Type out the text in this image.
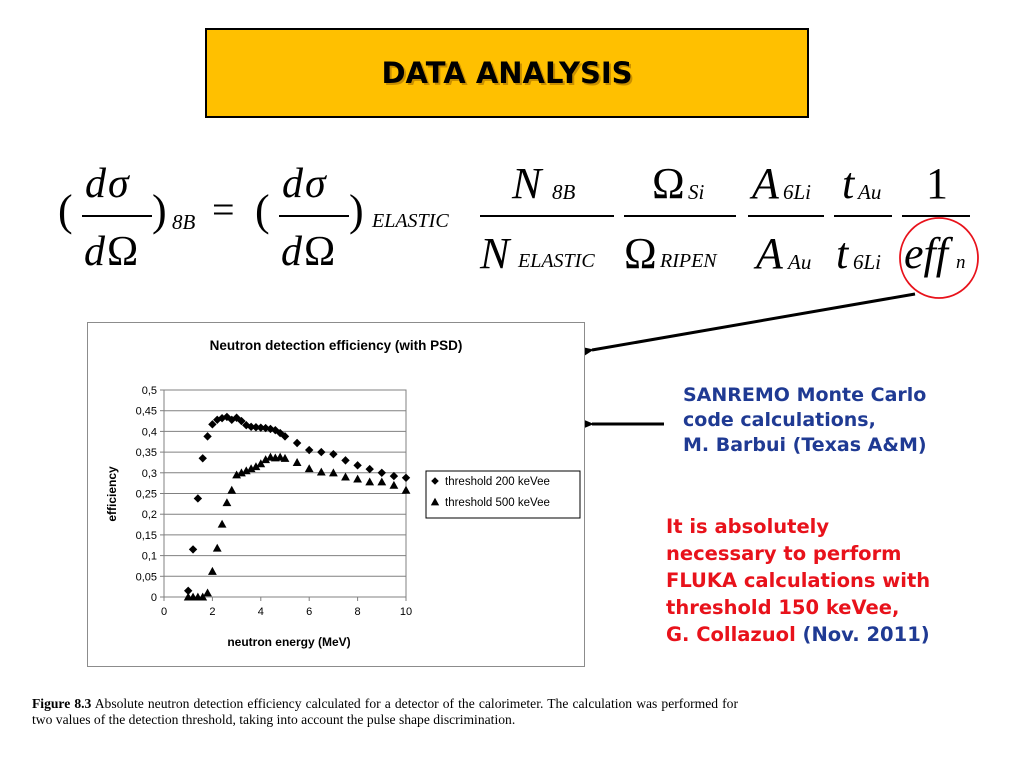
DATA ANALYSIS
(
d σ
d Ω
) 8B = (
d σ
d Ω
) ELASTIC
N 8B
N ELASTIC
Ω Si
Ω RIPEN
A 6Li
A Au
t Au
t 6Li
1
eff n
Neutron detection efficiency (with PSD)
0
0,05
0,1
0,15
0,2
0,25
0,3
0,35
0,4
0,45
0,5
0	2	4	6	8	10
neutron energy (MeV)
efficiency	threshold 200 keVee
threshold 500 keVee
SANREMO Monte Carlo
code calculations,
M. Barbui (Texas A&M)
It is absolutely
necessary to perform
FLUKA calculations with
threshold 150 keVee,
G. Collazuol (Nov. 2011)
Figure 8.3 Absolute neutron detection efficiency calculated for a detector of the calorimeter. The calculation was performed for two values of the detection threshold, taking into account the pulse shape discrimination.
